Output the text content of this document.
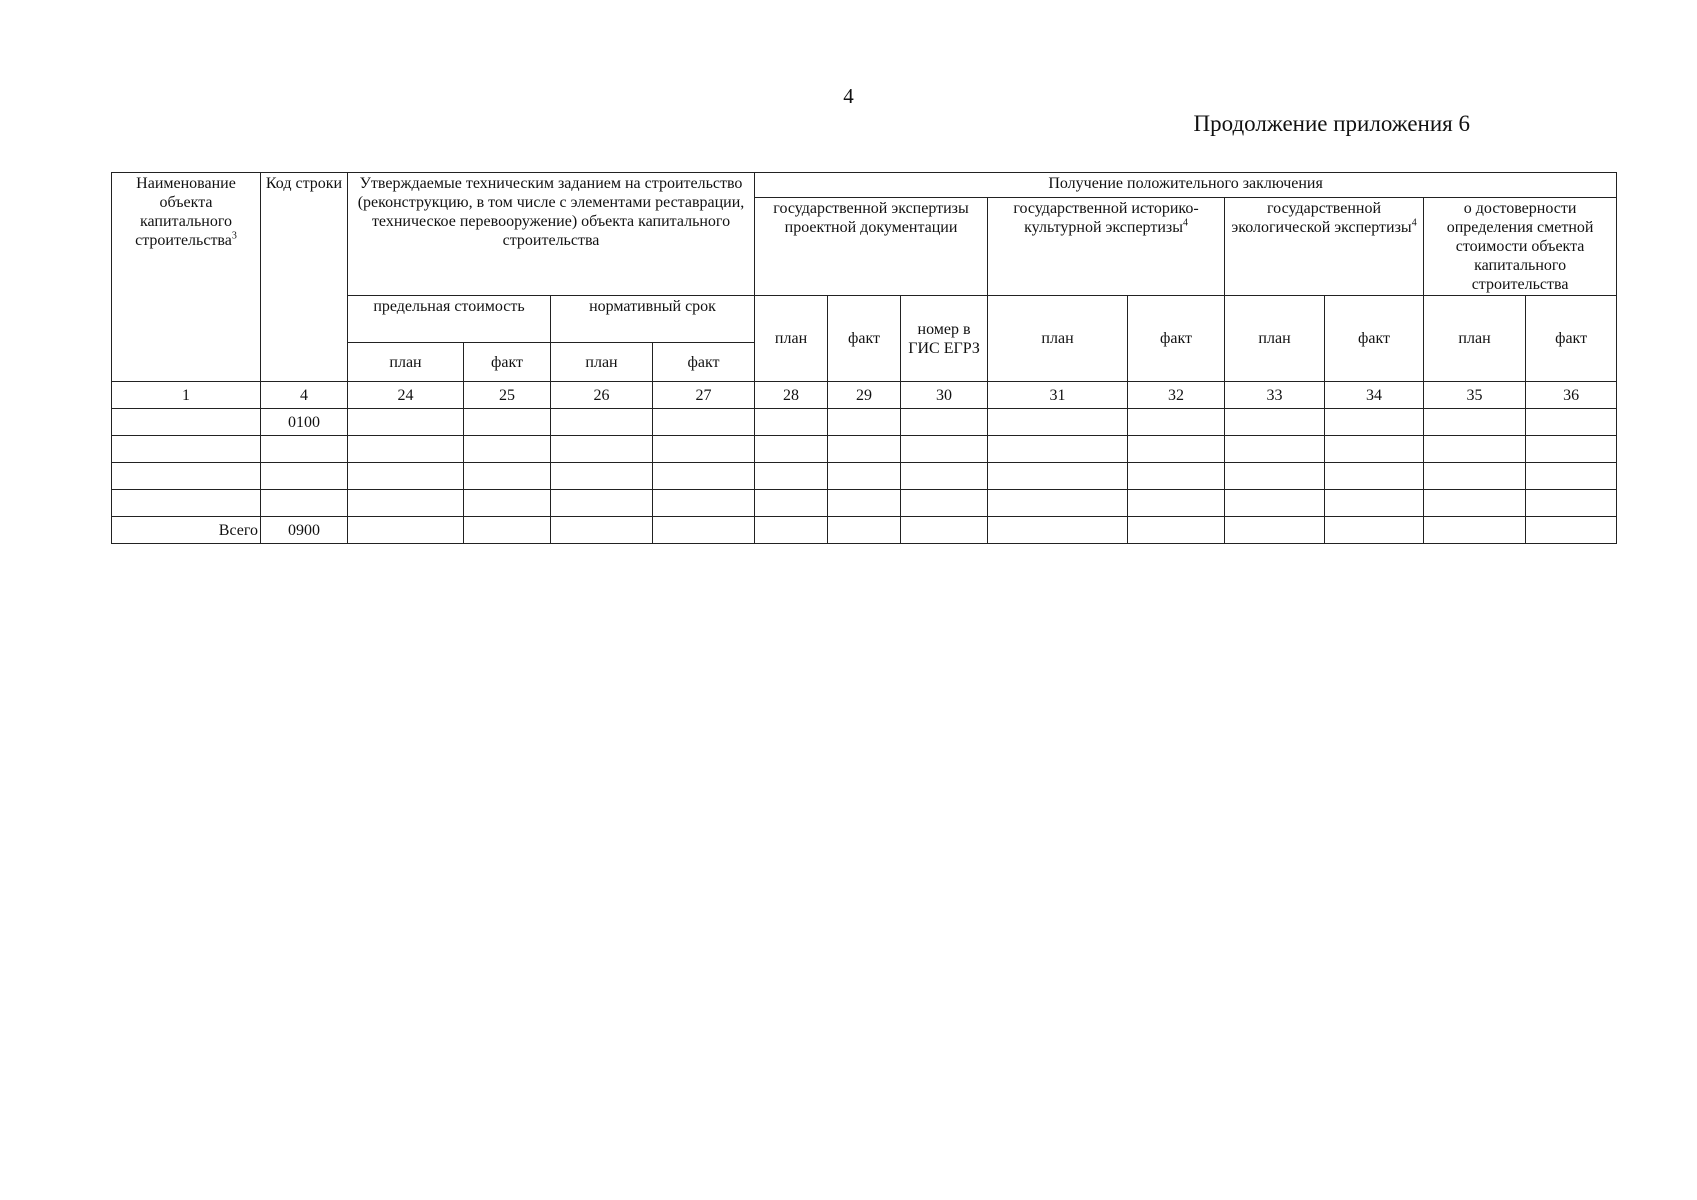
4
Продолжение приложения 6
Наименование объекта капитального строительства$^3$	Код строки	Утверждаемые техническим заданием на строительство (реконструкцию, в том числе с элементами реставрации, техническое перевооружение) объекта капитального строительства				Получение положительного заключения								
						государственной экспертизы проектной документации			государственной историко-культурной экспертизы$^4$		государственной экологической экспертизы$^4$		о достоверности определения сметной стоимости объекта капитального строительства	
		предельная стоимость		нормативный срок		план	факт	номер в ГИС ЕГРЗ	план	факт	план	факт	план	факт
		план	факт	план	факт									
1	4	24	25	26	27	28	29	30	31	32	33	34	35	36
	0100													

Всего	0900													
